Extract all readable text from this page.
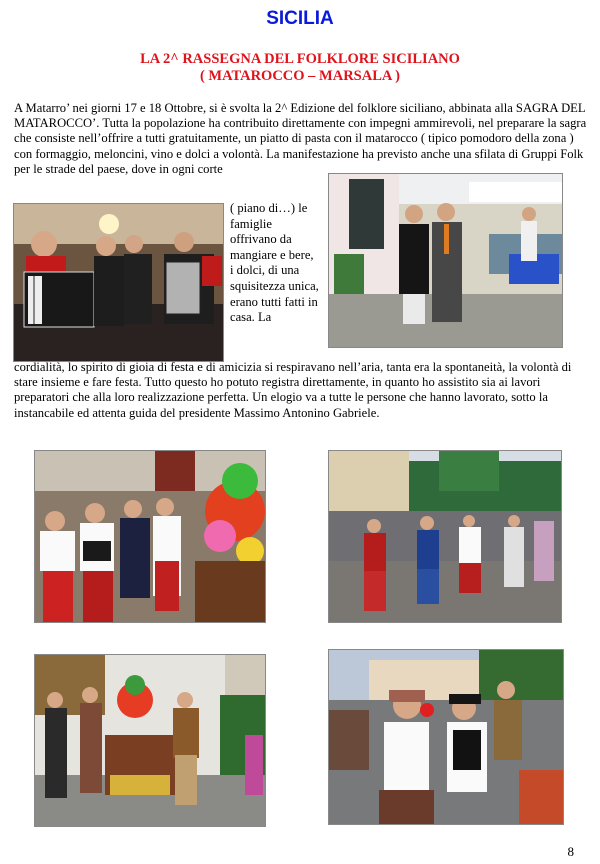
SICILIA
LA 2^ RASSEGNA DEL FOLKLORE SICILIANO
( MATAROCCO – MARSALA )

A Matarro’ nei giorni 17 e 18 Ottobre, si è svolta la 2^ Edizione del folklore siciliano, abbinata alla SAGRA DEL MATAROCCO’. Tutta la popolazione ha contribuito direttamente con impegni ammirevoli, nel preparare la sagra che consiste nell’offrire a tutti gratuitamente, un piatto di pasta con il matarocco ( tipico pomodoro della zona ) con formaggio, meloncini, vino e dolci a volontà. La manifestazione ha previsto anche una sfilata di Gruppi Folk per le strade del paese, dove in ogni corte

( piano di…) le famiglie offrivano da mangiare e bere, i dolci, di una squisitezza unica, erano tutti fatti in casa. La

cordialità, lo spirito di gioia di festa e di amicizia si respiravano nell’aria, tanta era la spontaneità, la volontà di stare insieme e fare festa. Tutto questo ho potuto registra direttamente, in quanto ho assistito sia ai lavori preparatori che alla loro realizzazione perfetta. Un elogio va a tutte le persone che hanno lavorato, sotto la instancabile ed attenta guida del presidente Massimo Antonino Gabriele.

8
